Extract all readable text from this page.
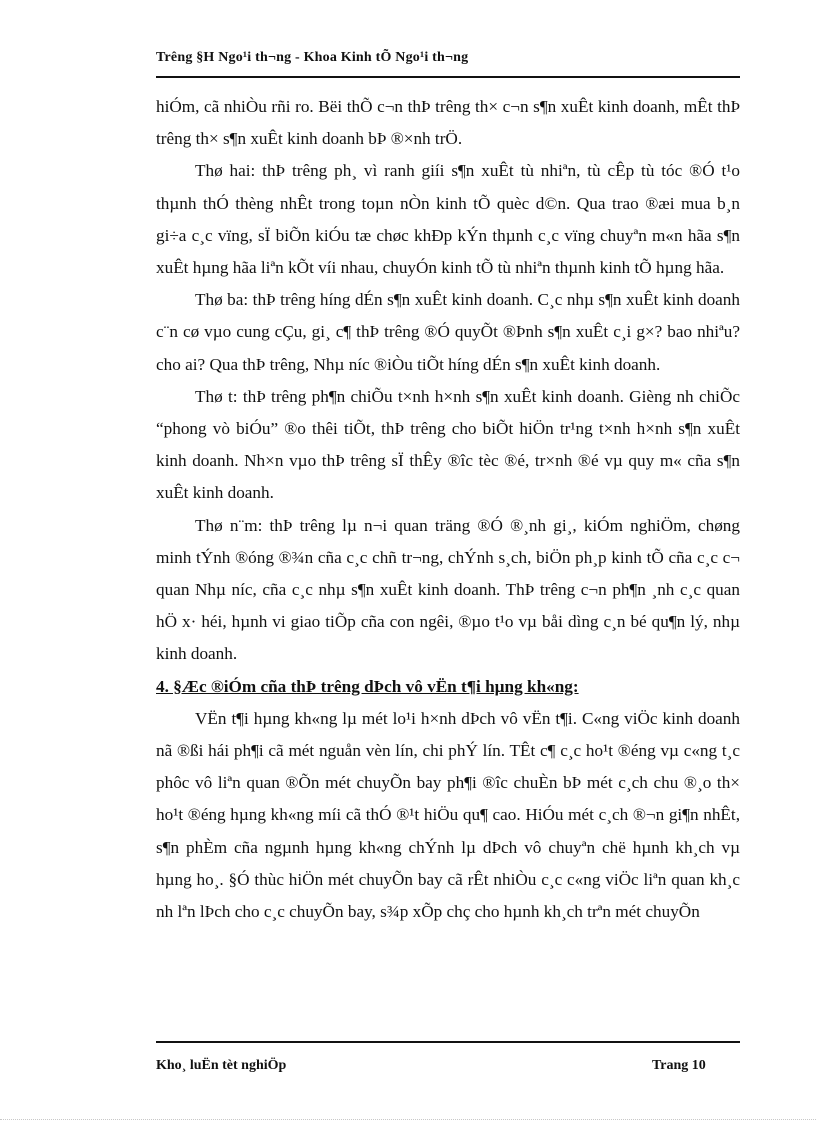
Trêng §H Ngo¹i th¬ng - Khoa Kinh tÕ Ngo¹i th¬ng

hiÓm, cã nhiÒu rñi ro. Bëi thÕ c¬n thÞ trêng th× c¬n s¶n xuÊt kinh doanh, mÊt thÞ trêng th× s¶n xuÊt kinh doanh bÞ ®×nh trÖ.

Thø hai: thÞ trêng ph¸ vì ranh giíi s¶n xuÊt tù nhiªn, tù cÊp tù tóc ®Ó t¹o thµnh thÓ thèng nhÊt trong toµn nÒn kinh tÕ quèc d©n. Qua trao ®æi mua b¸n gi÷a c¸c vïng, sÏ biÕn kiÓu tæ chøc khÐp kÝn thµnh c¸c vïng chuyªn m«n hãa s¶n xuÊt hµng hãa liªn kÕt víi nhau, chuyÓn kinh tÕ tù nhiªn thµnh kinh tÕ hµng hãa.

Thø ba: thÞ trêng híng dÉn s¶n xuÊt kinh doanh. C¸c nhµ s¶n xuÊt kinh doanh c¨n cø vµo cung cÇu, gi¸ c¶ thÞ trêng ®Ó quyÕt ®Þnh s¶n xuÊt c¸i g×? bao nhiªu? cho ai? Qua thÞ trêng, Nhµ níc ®iÒu tiÕt híng dÉn s¶n xuÊt kinh doanh.

Thø t: thÞ trêng ph¶n chiÕu t×nh h×nh s¶n xuÊt kinh doanh. Gièng nh chiÕc “phong vò biÓu” ®o thêi tiÕt, thÞ trêng cho biÕt hiÖn tr¹ng t×nh h×nh s¶n xuÊt kinh doanh. Nh×n vµo thÞ trêng sÏ thÊy ®îc tèc ®é, tr×nh ®é vµ quy m« cña s¶n xuÊt kinh doanh.

Thø n¨m: thÞ trêng lµ n¬i quan träng ®Ó ®¸nh gi¸, kiÓm nghiÖm, chøng minh tÝnh ®óng ®¾n cña c¸c chñ tr¬ng, chÝnh s¸ch, biÖn ph¸p kinh tÕ cña c¸c c¬ quan Nhµ níc, cña c¸c nhµ s¶n xuÊt kinh doanh. ThÞ trêng c¬n ph¶n ¸nh c¸c quan hÖ x· héi, hµnh vi giao tiÕp cña con ngêi, ®µo t¹o vµ båi dìng c¸n bé qu¶n lý, nhµ kinh doanh.

4. §Æc ®iÓm cña thÞ trêng dÞch vô vËn t¶i hµng kh«ng:

VËn t¶i hµng kh«ng lµ mét lo¹i h×nh dÞch vô vËn t¶i. C«ng viÖc kinh doanh nã ®ßi hái ph¶i cã mét nguån vèn lín, chi phÝ lín. TÊt c¶ c¸c ho¹t ®éng vµ c«ng t¸c phôc vô liªn quan ®Õn mét chuyÕn bay ph¶i ®îc chuÈn bÞ mét c¸ch chu ®¸o th× ho¹t ®éng hµng kh«ng míi cã thÓ ®¹t hiÖu qu¶ cao. HiÓu mét c¸ch ®¬n gi¶n nhÊt, s¶n phÈm cña ngµnh hµng kh«ng chÝnh lµ dÞch vô chuyªn chë hµnh kh¸ch vµ hµng ho¸. §Ó thùc hiÖn mét chuyÕn bay cã rÊt nhiÒu c¸c c«ng viÖc liªn quan kh¸c nh lªn lÞch cho c¸c chuyÕn bay, s¾p xÕp chç cho hµnh kh¸ch trªn mét chuyÕn

Kho¸ luËn tèt nghiÖp	Trang 10
